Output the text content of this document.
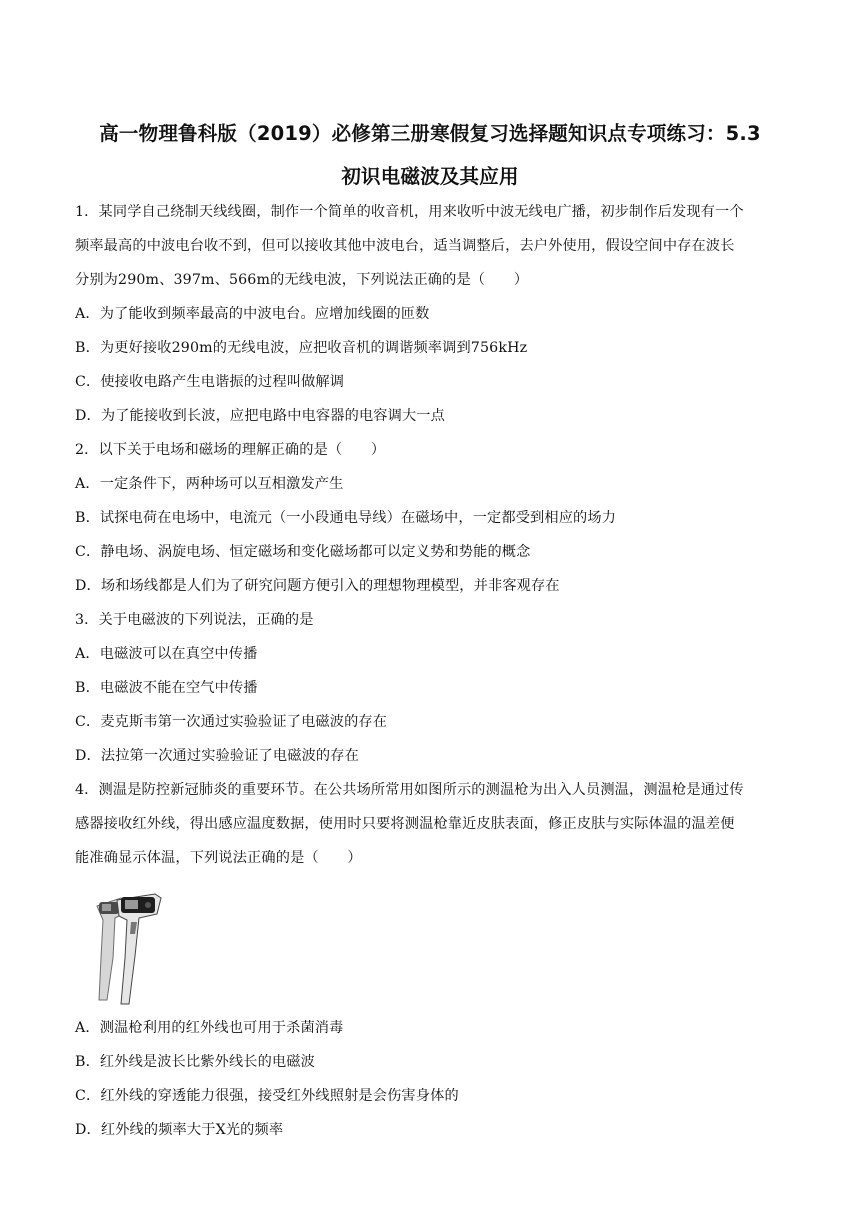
高一物理鲁科版（2019）必修第三册寒假复习选择题知识点专项练习：5.3
初识电磁波及其应用
1．某同学自己绕制天线线圈，制作一个简单的收音机，用来收听中波无线电广播，初步制作后发现有一个
频率最高的中波电台收不到，但可以接收其他中波电台，适当调整后，去户外使用，假设空间中存在波长
分别为290m、397m、566m的无线电波，下列说法正确的是（　　）
A．为了能收到频率最高的中波电台。应增加线圈的匝数
B．为更好接收290m的无线电波，应把收音机的调谐频率调到756kHz
C．使接收电路产生电谐振的过程叫做解调
D．为了能接收到长波，应把电路中电容器的电容调大一点
2．以下关于电场和磁场的理解正确的是（　　）
A．一定条件下，两种场可以互相激发产生
B．试探电荷在电场中，电流元（一小段通电导线）在磁场中，一定都受到相应的场力
C．静电场、涡旋电场、恒定磁场和变化磁场都可以定义势和势能的概念
D．场和场线都是人们为了研究问题方便引入的理想物理模型，并非客观存在
3．关于电磁波的下列说法，正确的是
A．电磁波可以在真空中传播
B．电磁波不能在空气中传播
C．麦克斯韦第一次通过实验验证了电磁波的存在
D．法拉第一次通过实验验证了电磁波的存在
4．测温是防控新冠肺炎的重要环节。在公共场所常用如图所示的测温枪为出入人员测温，测温枪是通过传
感器接收红外线，得出感应温度数据，使用时只要将测温枪靠近皮肤表面，修正皮肤与实际体温的温差便
能准确显示体温，下列说法正确的是（　　）
A．测温枪利用的红外线也可用于杀菌消毒
B．红外线是波长比紫外线长的电磁波
C．红外线的穿透能力很强，接受红外线照射是会伤害身体的
D．红外线的频率大于X光的频率
